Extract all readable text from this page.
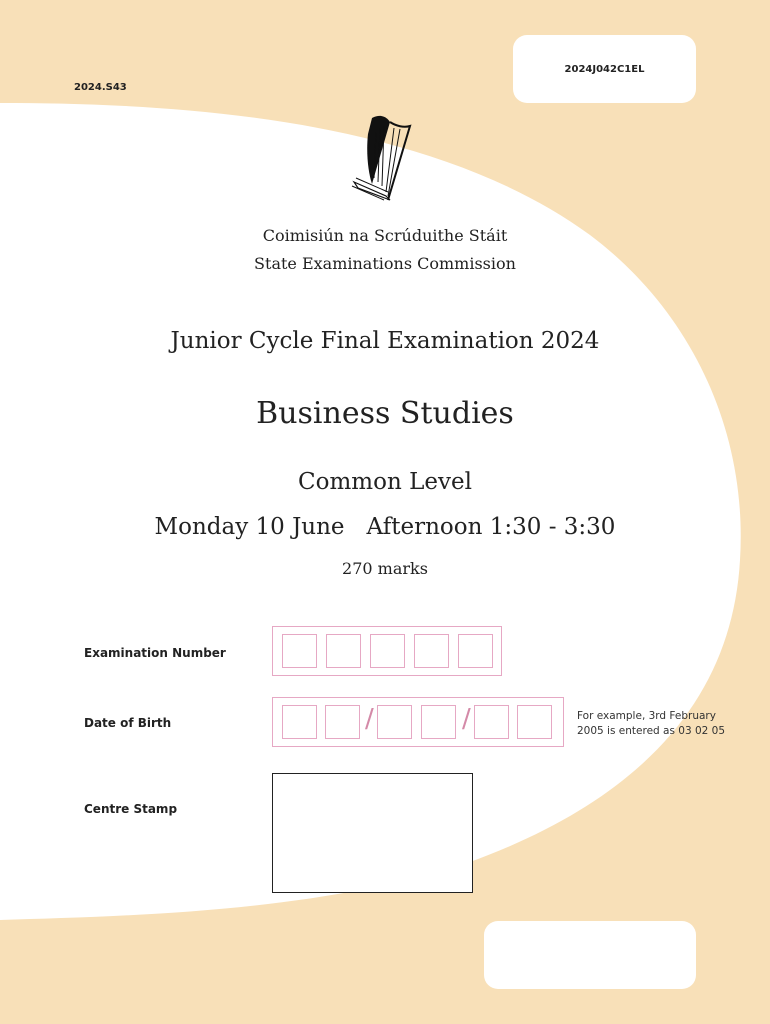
2024.S43
2024J042C1EL
Coimisiún na Scrúduithe Stáit
State Examinations Commission
Junior Cycle Final Examination 2024
Business Studies
Common Level
Monday 10 June Afternoon 1:30 - 3:30
270 marks
Examination Number
Date of Birth	/	/	For example, 3rd February
2005 is entered as 03 02 05
Centre Stamp
